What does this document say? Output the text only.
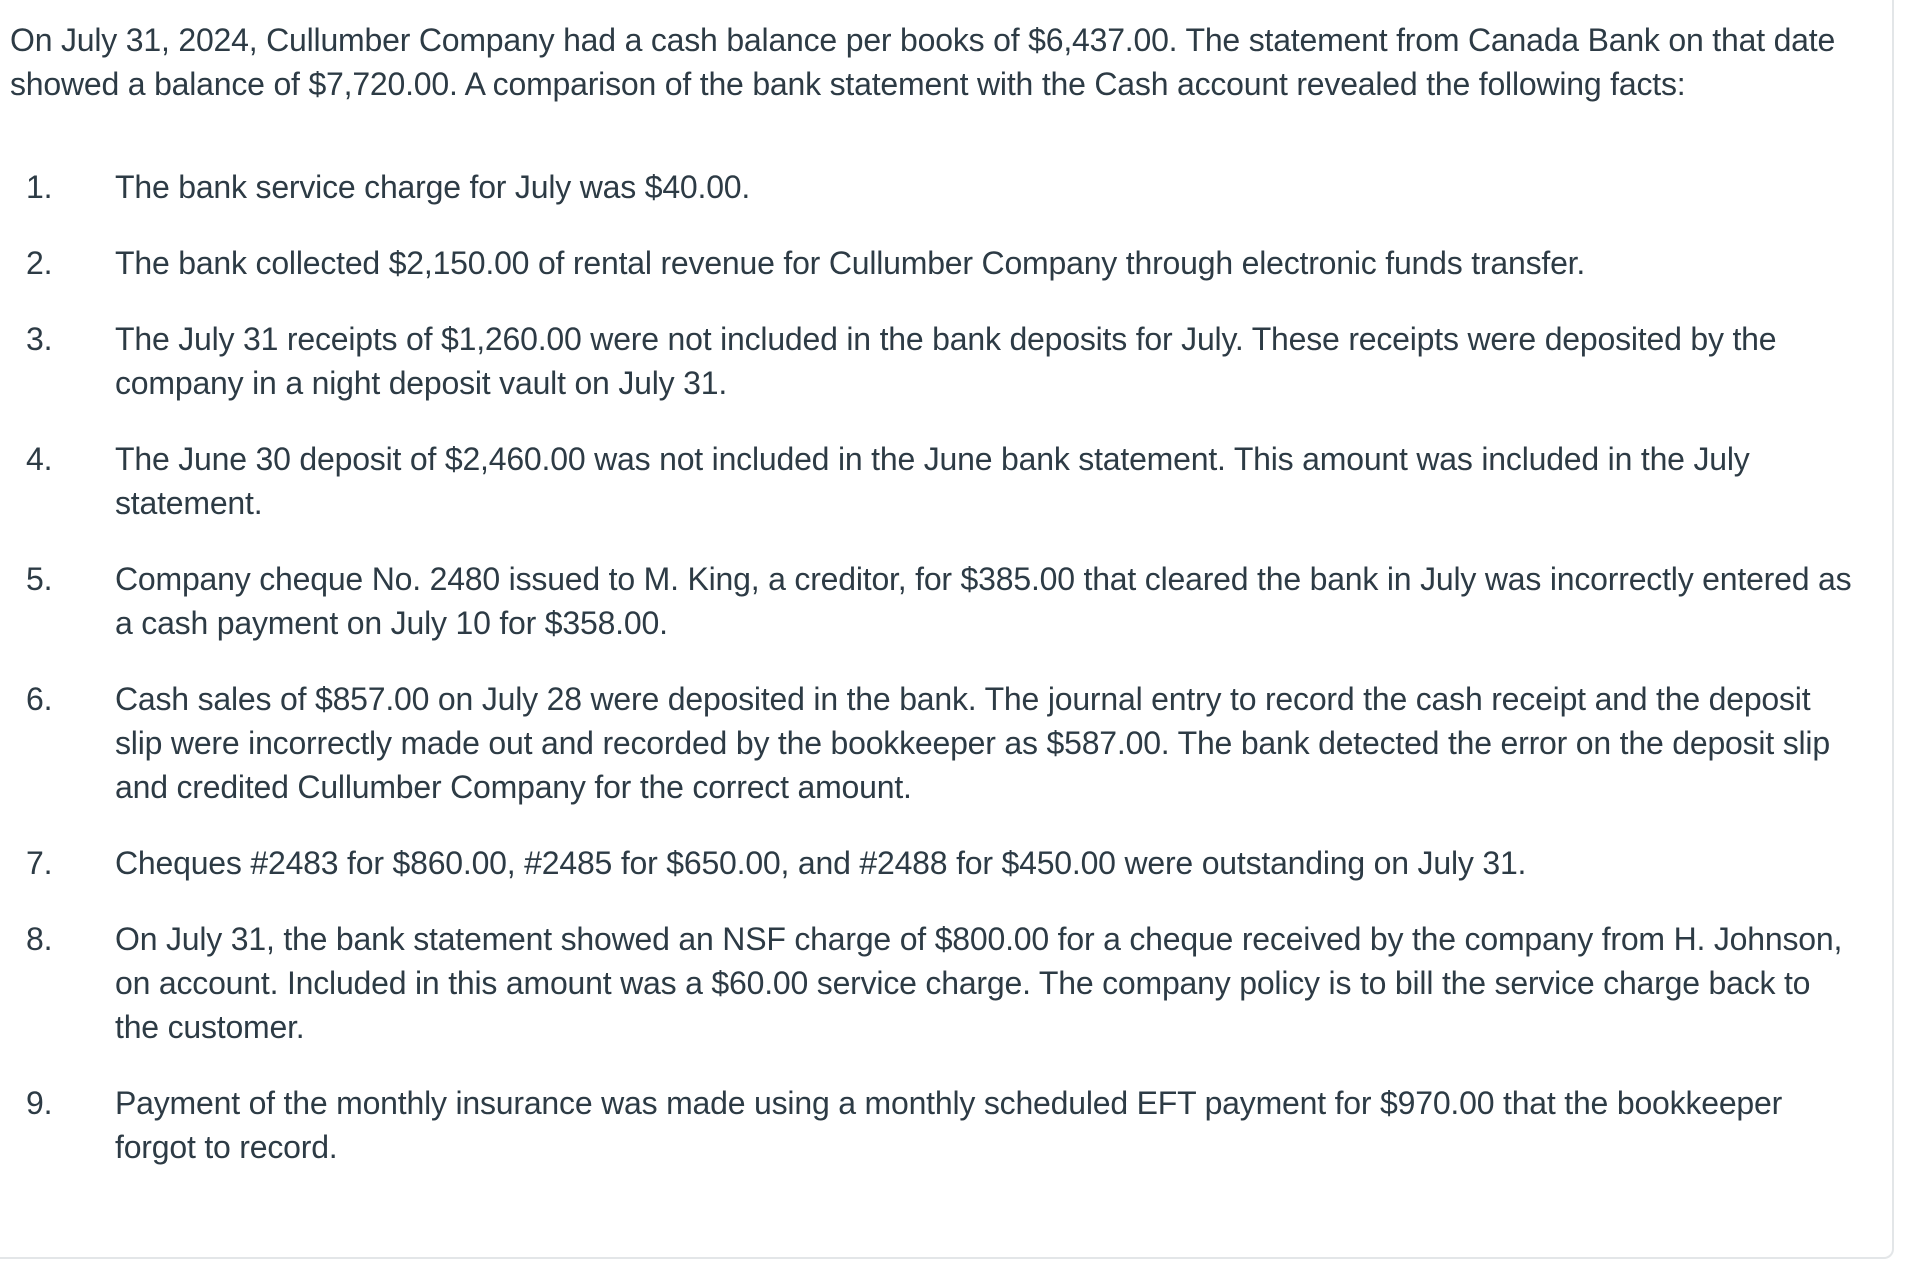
On July 31, 2024, Cullumber Company had a cash balance per books of $6,437.00. The statement from Canada Bank on that date showed a balance of $7,720.00. A comparison of the bank statement with the Cash account revealed the following facts:

1.	The bank service charge for July was $40.00.
2.	The bank collected $2,150.00 of rental revenue for Cullumber Company through electronic funds transfer.
3.	The July 31 receipts of $1,260.00 were not included in the bank deposits for July. These receipts were deposited by the company in a night deposit vault on July 31.
4.	The June 30 deposit of $2,460.00 was not included in the June bank statement. This amount was included in the July statement.
5.	Company cheque No. 2480 issued to M. King, a creditor, for $385.00 that cleared the bank in July was incorrectly entered as a cash payment on July 10 for $358.00.
6.	Cash sales of $857.00 on July 28 were deposited in the bank. The journal entry to record the cash receipt and the deposit slip were incorrectly made out and recorded by the bookkeeper as $587.00. The bank detected the error on the deposit slip and credited Cullumber Company for the correct amount.
7.	Cheques #2483 for $860.00, #2485 for $650.00, and #2488 for $450.00 were outstanding on July 31.
8.	On July 31, the bank statement showed an NSF charge of $800.00 for a cheque received by the company from H. Johnson, on account. Included in this amount was a $60.00 service charge. The company policy is to bill the service charge back to the customer.
9.	Payment of the monthly insurance was made using a monthly scheduled EFT payment for $970.00 that the bookkeeper forgot to record.
